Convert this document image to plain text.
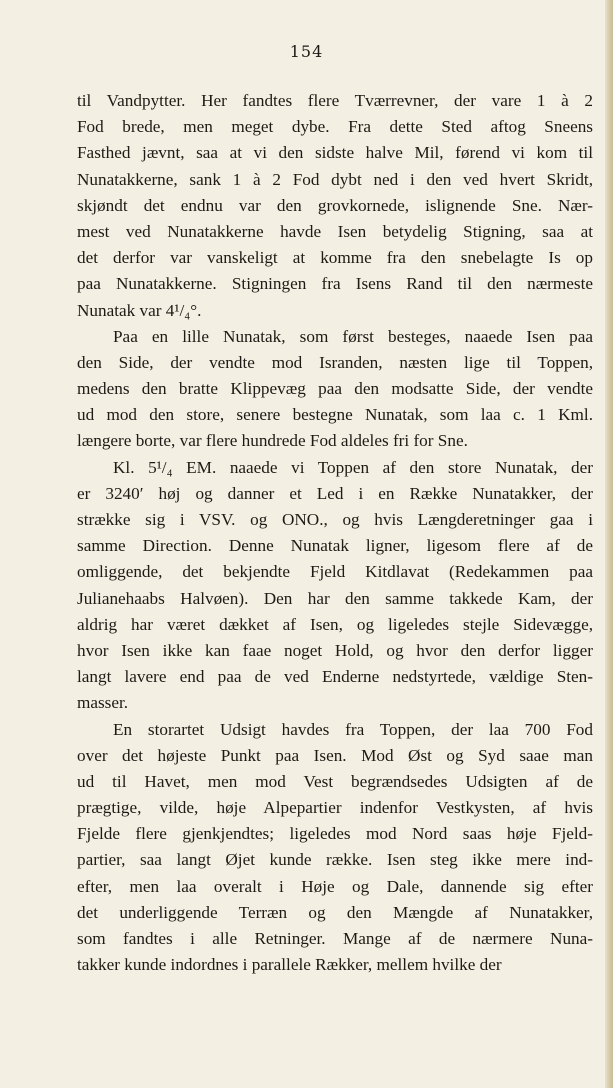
154
til Vandpytter. Her fandtes flere Tværrevner, der vare 1 à 2
Fod brede, men meget dybe. Fra dette Sted aftog Sneens
Fasthed jævnt, saa at vi den sidste halve Mil, førend vi kom til
Nunatakkerne, sank 1 à 2 Fod dybt ned i den ved hvert Skridt,
skjøndt det endnu var den grovkornede, islignende Sne. Nær-
mest ved Nunatakkerne havde Isen betydelig Stigning, saa at
det derfor var vanskeligt at komme fra den snebelagte Is op
paa Nunatakkerne. Stigningen fra Isens Rand til den nærmeste
Nunatak var 4¹/₄°.
Paa en lille Nunatak, som først besteges, naaede Isen paa
den Side, der vendte mod Isranden, næsten lige til Toppen,
medens den bratte Klippevæg paa den modsatte Side, der vendte
ud mod den store, senere bestegne Nunatak, som laa c. 1 Kml.
længere borte, var flere hundrede Fod aldeles fri for Sne.
Kl. 5¹/₄ EM. naaede vi Toppen af den store Nunatak, der
er 3240′ høj og danner et Led i en Række Nunatakker, der
strække sig i VSV. og ONO., og hvis Længderetninger gaa i
samme Direction. Denne Nunatak ligner, ligesom flere af de
omliggende, det bekjendte Fjeld Kitdlavat (Redekammen paa
Julianehaabs Halvøen). Den har den samme takkede Kam, der
aldrig har været dækket af Isen, og ligeledes stejle Sidevægge,
hvor Isen ikke kan faae noget Hold, og hvor den derfor ligger
langt lavere end paa de ved Enderne nedstyrtede, vældige Sten-
masser.
En storartet Udsigt havdes fra Toppen, der laa 700 Fod
over det højeste Punkt paa Isen. Mod Øst og Syd saae man
ud til Havet, men mod Vest begrændsedes Udsigten af de
prægtige, vilde, høje Alpepartier indenfor Vestkysten, af hvis
Fjelde flere gjenkjendtes; ligeledes mod Nord saas høje Fjeld-
partier, saa langt Øjet kunde række. Isen steg ikke mere ind-
efter, men laa overalt i Høje og Dale, dannende sig efter
det underliggende Terræn og den Mængde af Nunatakker,
som fandtes i alle Retninger. Mange af de nærmere Nuna-
takker kunde indordnes i parallele Rækker, mellem hvilke der
